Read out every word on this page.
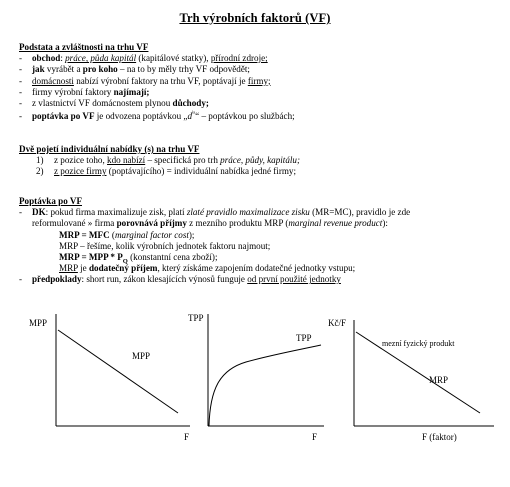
Trh výrobních faktorů (VF)
Podstata a zvláštnosti na trhu VF
- obchod: práce, půda kapitál (kapitálové statky), přírodní zdroje;
- jak vyrábět a pro koho – na to by měly trhy VF odpovědět;
- domácnosti nabízí výrobní faktory na trhu VF, poptávají je firmy;
- firmy výrobní faktory najímají;
- z vlastnictví VF domácnostem plynou důchody;
- poptávka po VF je odvozena poptávkou $„d^{ᵏˢ}“$ – poptávkou po službách;
Dvě pojetí individuální nabídky (s) na trhu VF
1) z pozice toho, kdo nabízí – specifická pro trh práce, půdy, kapitálu;
2) z pozice firmy (poptávajícího) = individuální nabídka jedné firmy;
Poptávka po VF
- DK: pokud firma maximalizuje zisk, platí zlaté pravidlo maximalizace zisku (MR=MC), pravidlo je zde
reformulované » firma porovnává příjmy z mezního produktu MRP (marginal revenue product):
MRP = MFC (marginal factor cost);
MRP – řešíme, kolik výrobních jednotek faktoru najmout;
MRP = MPP * $P_Q$ (konstantní cena zboží);
MRP je dodatečný příjem, který získáme zapojením dodatečné jednotky vstupu;
- předpoklady: short run, zákon klesajících výnosů funguje od první použité jednotky
MPP
F
MPP
TPP
F
TPP
Kč/F
F (faktor)
mezní fyzický produkt
MRP
